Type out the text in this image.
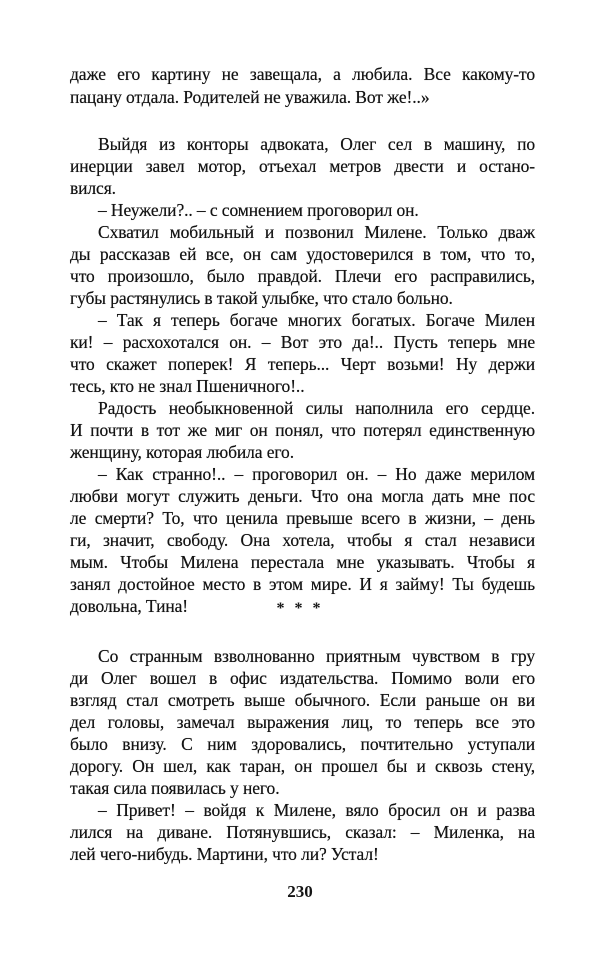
даже его картину не завещала, а любила. Все какому-то
пацану отдала. Родителей не уважила. Вот же!..»
Выйдя из конторы адвоката, Олег сел в машину, по
инерции завел мотор, отъехал метров двести и остано-
вился.
– Неужели?.. – с сомнением проговорил он.
Схватил мобильный и позвонил Милене. Только дваж
ды рассказав ей все, он сам удостоверился в том, что то,
что произошло, было правдой. Плечи его расправились,
губы растянулись в такой улыбке, что стало больно.
– Так я теперь богаче многих богатых. Богаче Милен
ки! – расхохотался он. – Вот это да!.. Пусть теперь мне
что скажет поперек! Я теперь... Черт возьми! Ну держи
тесь, кто не знал Пшеничного!..
Радость необыкновенной силы наполнила его сердце.
И почти в тот же миг он понял, что потерял единственную
женщину, которая любила его.
– Как странно!.. – проговорил он. – Но даже мерилом
любви могут служить деньги. Что она могла дать мне пос
ле смерти? То, что ценила превыше всего в жизни, – день
ги, значит, свободу. Она хотела, чтобы я стал независи
мым. Чтобы Милена перестала мне указывать. Чтобы я
занял достойное место в этом мире. И я займу! Ты будешь
довольна, Тина!	* * *
Со странным взволнованно приятным чувством в гру
ди Олег вошел в офис издательства. Помимо воли его
взгляд стал смотреть выше обычного. Если раньше он ви
дел головы, замечал выражения лиц, то теперь все это
было внизу. С ним здоровались, почтительно уступали
дорогу. Он шел, как таран, он прошел бы и сквозь стену,
такая сила появилась у него.
– Привет! – войдя к Милене, вяло бросил он и разва
лился на диване. Потянувшись, сказал: – Миленка, на
лей чего-нибудь. Мартини, что ли? Устал!
230
